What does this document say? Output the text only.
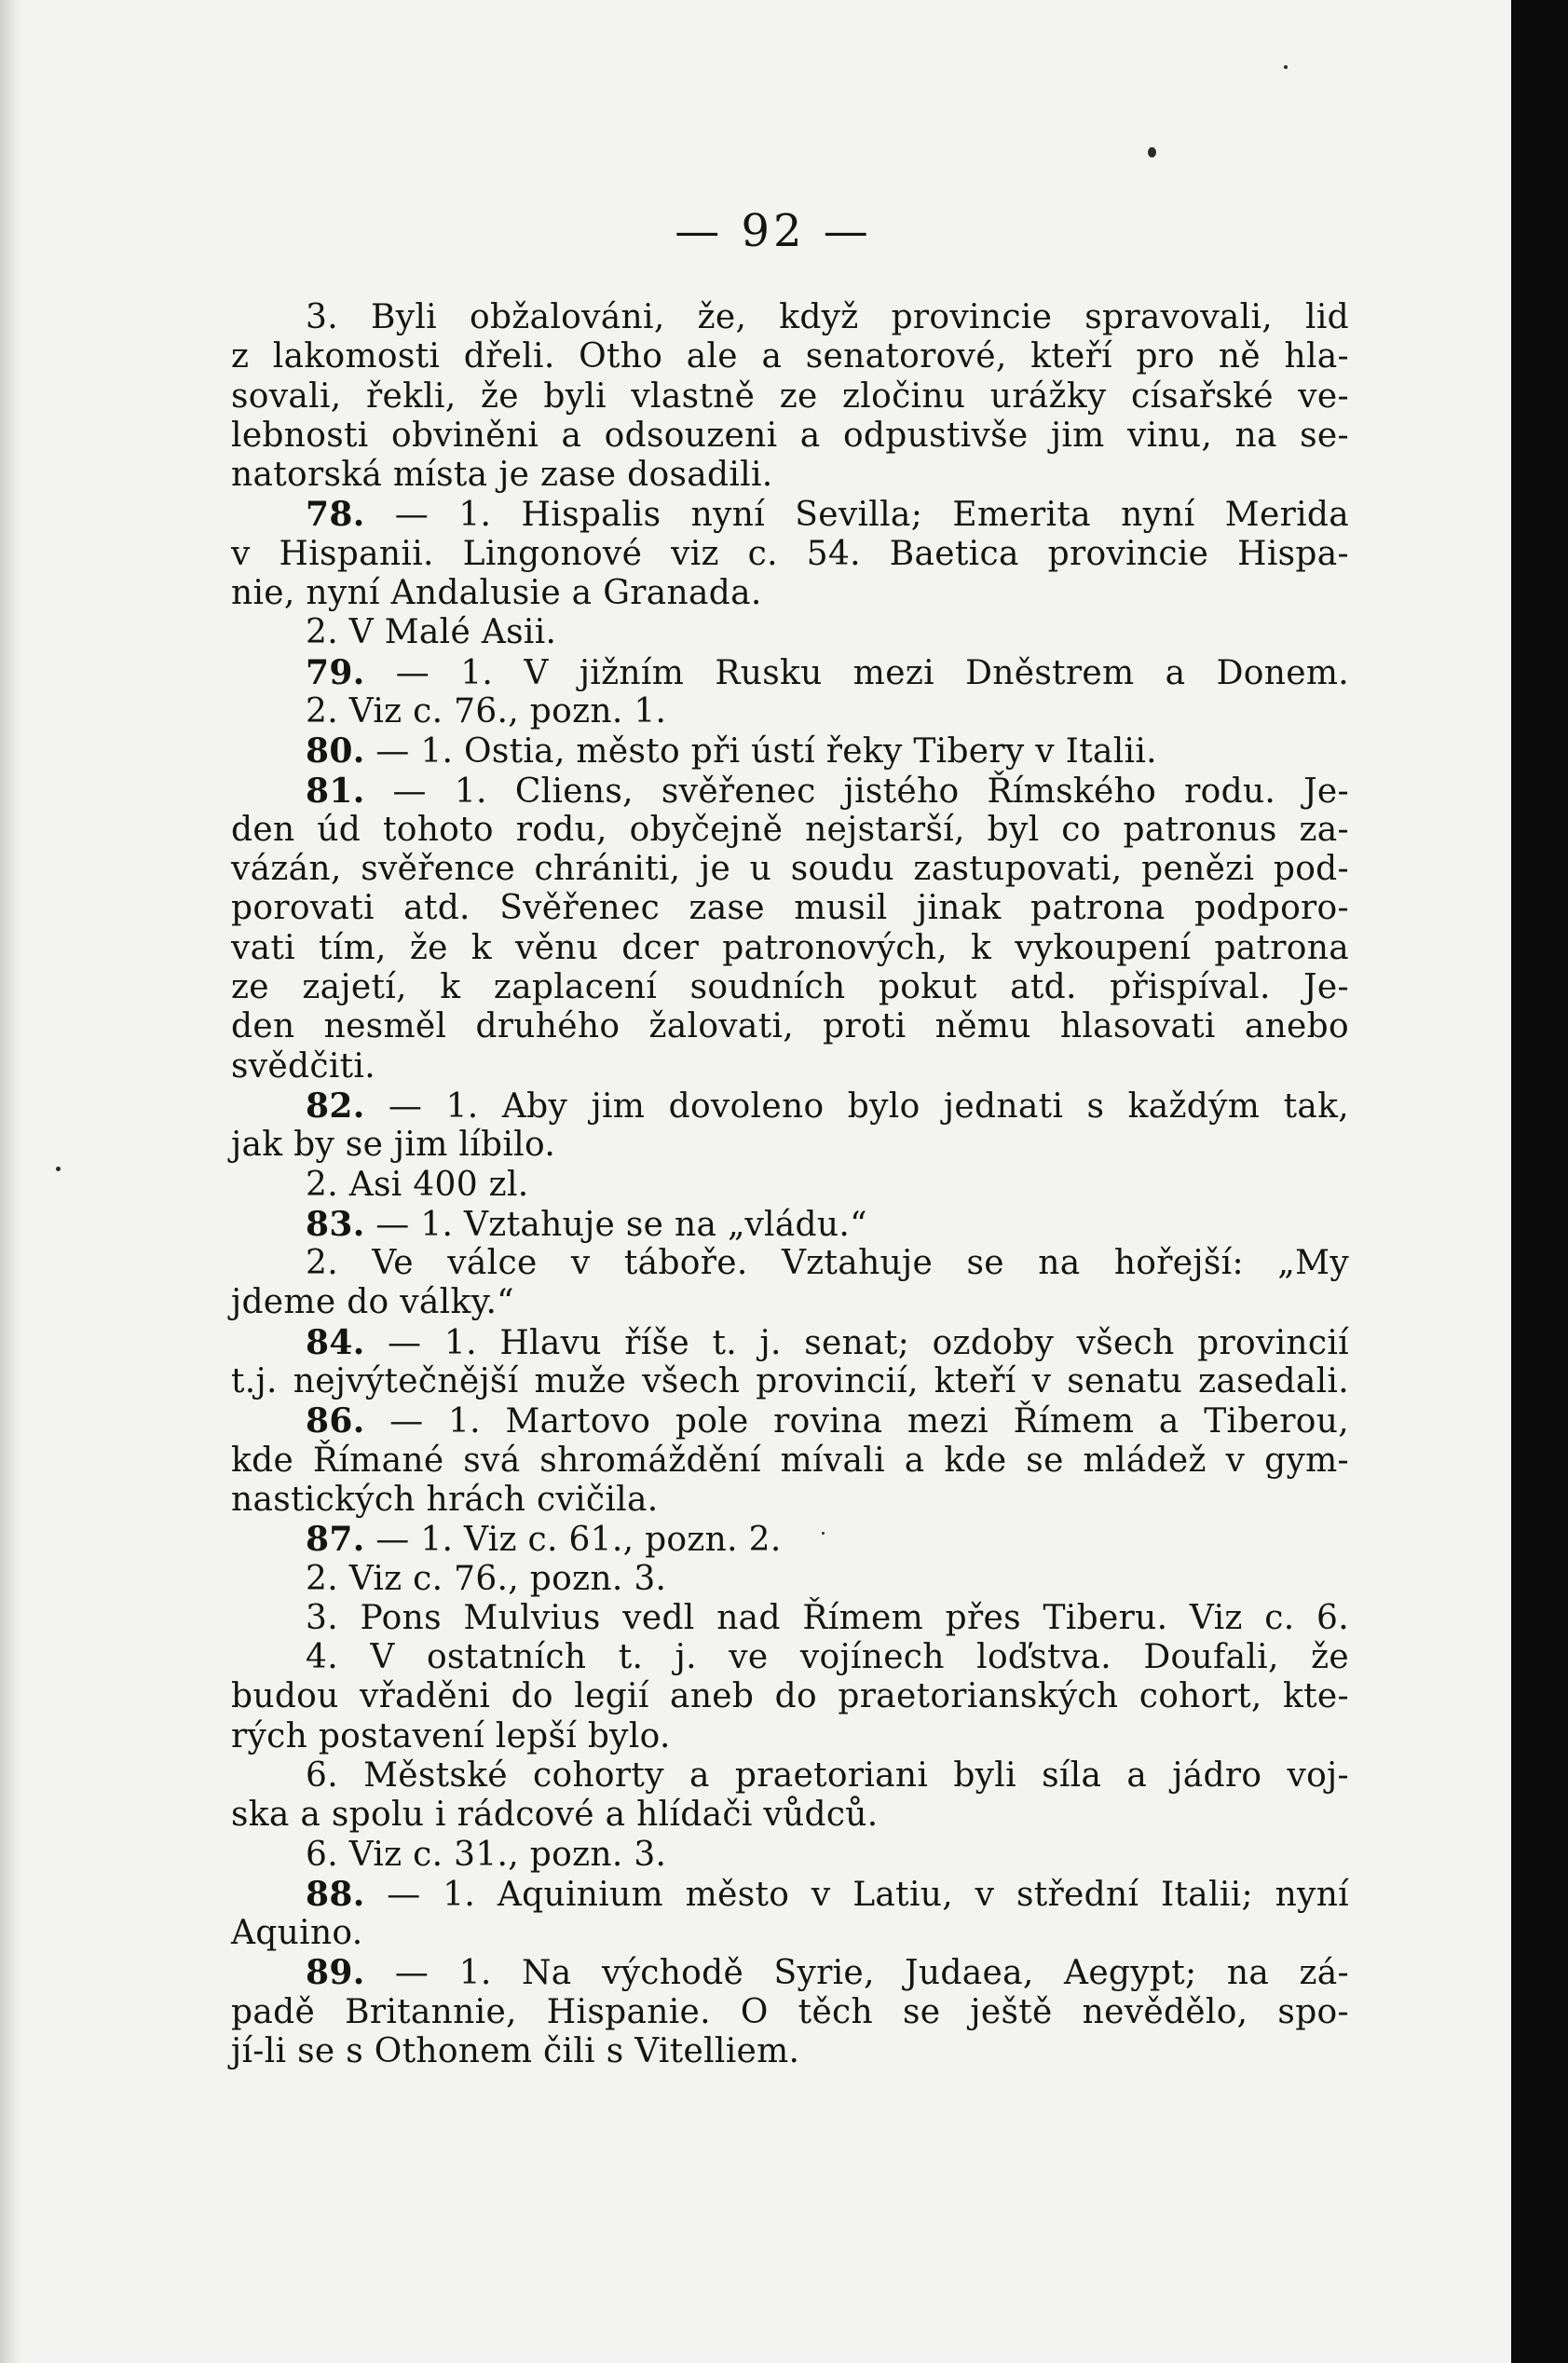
— 92 —
3. Byli obžalováni, že, když provincie spravovali, lid
z lakomosti dřeli. Otho ale a senatorové, kteří pro ně hla-
sovali, řekli, že byli vlastně ze zločinu urážky císařské ve-
lebnosti obviněni a odsouzeni a odpustivše jim vinu, na se-
natorská místa je zase dosadili.
78. — 1. Hispalis nyní Sevilla; Emerita nyní Merida
v Hispanii. Lingonové viz c. 54. Baetica provincie Hispa-
nie, nyní Andalusie a Granada.
2. V Malé Asii.
79. — 1. V jižním Rusku mezi Dněstrem a Donem.
2. Viz c. 76., pozn. 1.
80. — 1. Ostia, město při ústí řeky Tibery v Italii.
81. — 1. Cliens, svěřenec jistého Římského rodu. Je-
den úd tohoto rodu, obyčejně nejstarší, byl co patronus za-
vázán, svěřence chrániti, je u soudu zastupovati, penězi pod-
porovati atd. Svěřenec zase musil jinak patrona podporo-
vati tím, že k věnu dcer patronových, k vykoupení patrona
ze zajetí, k zaplacení soudních pokut atd. přispíval. Je-
den nesměl druhého žalovati, proti němu hlasovati anebo
svědčiti.
82. — 1. Aby jim dovoleno bylo jednati s každým tak,
jak by se jim líbilo.
2. Asi 400 zl.
83. — 1. Vztahuje se na „vládu.“
2. Ve válce v táboře. Vztahuje se na hořejší: „My
jdeme do války.“
84. — 1. Hlavu říše t. j. senat; ozdoby všech provincií
t.j. nejvýtečnější muže všech provincií, kteří v senatu zasedali.
86. — 1. Martovo pole rovina mezi Římem a Tiberou,
kde Římané svá shromáždění mívali a kde se mládež v gym-
nastických hrách cvičila.
87. — 1. Viz c. 61., pozn. 2.
2. Viz c. 76., pozn. 3.
3. Pons Mulvius vedl nad Římem přes Tiberu. Viz c. 6.
4. V ostatních t. j. ve vojínech loďstva. Doufali, že
budou vřaděni do legií aneb do praetorianských cohort, kte-
rých postavení lepší bylo.
6. Městské cohorty a praetoriani byli síla a jádro voj-
ska a spolu i rádcové a hlídači vůdců.
6. Viz c. 31., pozn. 3.
88. — 1. Aquinium město v Latiu, v střední Italii; nyní
Aquino.
89. — 1. Na východě Syrie, Judaea, Aegypt; na zá-
padě Britannie, Hispanie. O těch se ještě nevědělo, spo-
jí-li se s Othonem čili s Vitelliem.
